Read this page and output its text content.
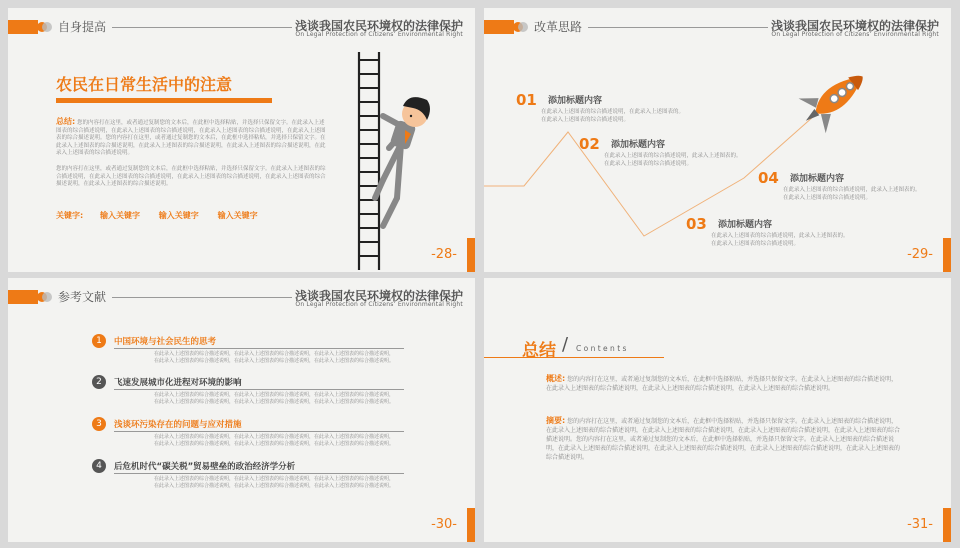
自身提高	浅谈我国农民环境权的法律保护
On Legal Protection of Citizens’ Environmental Right
农民在日常生活中的注意
总结: 您的内容打在这里，或者通过复制您的文本后，在此框中选择粘贴，并选择只保留文字。在此录入上述图表的综合描述说明，在此录入上述图表的综合描述说明，在此录入上述图表的综合描述说明，在此录入上述图表的综合描述说明。您的内容打在这里，或者通过复制您的文本后，在此框中选择粘贴，并选择只保留文字。在此录入上述图表的综合描述说明，在此录入上述图表的综合描述说明，在此录入上述图表的综合描述说明，在此录入上述图表的综合描述说明。
您的内容打在这里，或者通过复制您的文本后，在此框中选择粘贴，并选择只保留文字。在此录入上述图表的综合描述说明，在此录入上述图表的综合描述说明，在此录入上述图表的综合描述说明，在此录入上述图表的综合描述说明，在此录入上述图表的综合描述说明。
关键字: 输入关键字 输入关键字 输入关键字
-28-
改革思路	浅谈我国农民环境权的法律保护
On Legal Protection of Citizens’ Environmental Right
01 添加标题内容
在此录入上述图表的综合描述说明，在此录入上述图表的。
在此录入上述图表的综合描述说明。
02 添加标题内容
在此录入上述图表的综合描述说明，此录入上述图表的。
在此录入上述图表的综合描述说明。
04 添加标题内容
在此录入上述图表的综合描述说明，此录入上述图表的。
在此录入上述图表的综合描述说明。
03 添加标题内容
在此录入上述图表的综合描述说明，此录入上述图表的。
在此录入上述图表的综合描述说明。
-29-
参考文献	浅谈我国农民环境权的法律保护
On Legal Protection of Citizens’ Environmental Right
1	中国环境与社会民生的思考
在此录入上述图表的综合描述说明，在此录入上述图表的综合描述说明，在此录入上述图表的综合描述说明，
在此录入上述图表的综合描述说明，在此录入上述图表的综合描述说明，在此录入上述图表的综合描述说明。
2	飞速发展城市化进程对环境的影响
在此录入上述图表的综合描述说明，在此录入上述图表的综合描述说明，在此录入上述图表的综合描述说明，
在此录入上述图表的综合描述说明，在此录入上述图表的综合描述说明，在此录入上述图表的综合描述说明。
3	浅谈环污染存在的问题与应对措施
在此录入上述图表的综合描述说明，在此录入上述图表的综合描述说明，在此录入上述图表的综合描述说明，
在此录入上述图表的综合描述说明，在此录入上述图表的综合描述说明，在此录入上述图表的综合描述说明。
4	后危机时代“碳关税”贸易壁垒的政治经济学分析
在此录入上述图表的综合描述说明，在此录入上述图表的综合描述说明，在此录入上述图表的综合描述说明，
在此录入上述图表的综合描述说明，在此录入上述图表的综合描述说明，在此录入上述图表的综合描述说明。
-30-
总结 / C o n t e n t s
概述: 您的内容打在这里，或者通过复制您的文本后，在此框中选择粘贴，并选择只保留文字。在此录入上述图表的综合描述说明，在此录入上述图表的综合描述说明，在此录入上述图表的综合描述说明，在此录入上述图表的综合描述说明。
摘要: 您的内容打在这里，或者通过复制您的文本后，在此框中选择粘贴，并选择只保留文字。在此录入上述图表的综合描述说明，在此录入上述图表的综合描述说明，在此录入上述图表的综合描述说明，在此录入上述图表的综合描述说明，在此录入上述图表的综合描述说明。您的内容打在这里，或者通过复制您的文本后，在此框中选择粘贴，并选择只保留文字。在此录入上述图表的综合描述说明，在此录入上述图表的综合描述说明，在此录入上述图表的综合描述说明，在此录入上述图表的综合描述说明，在此录入上述图表的综合描述说明。
-31-
